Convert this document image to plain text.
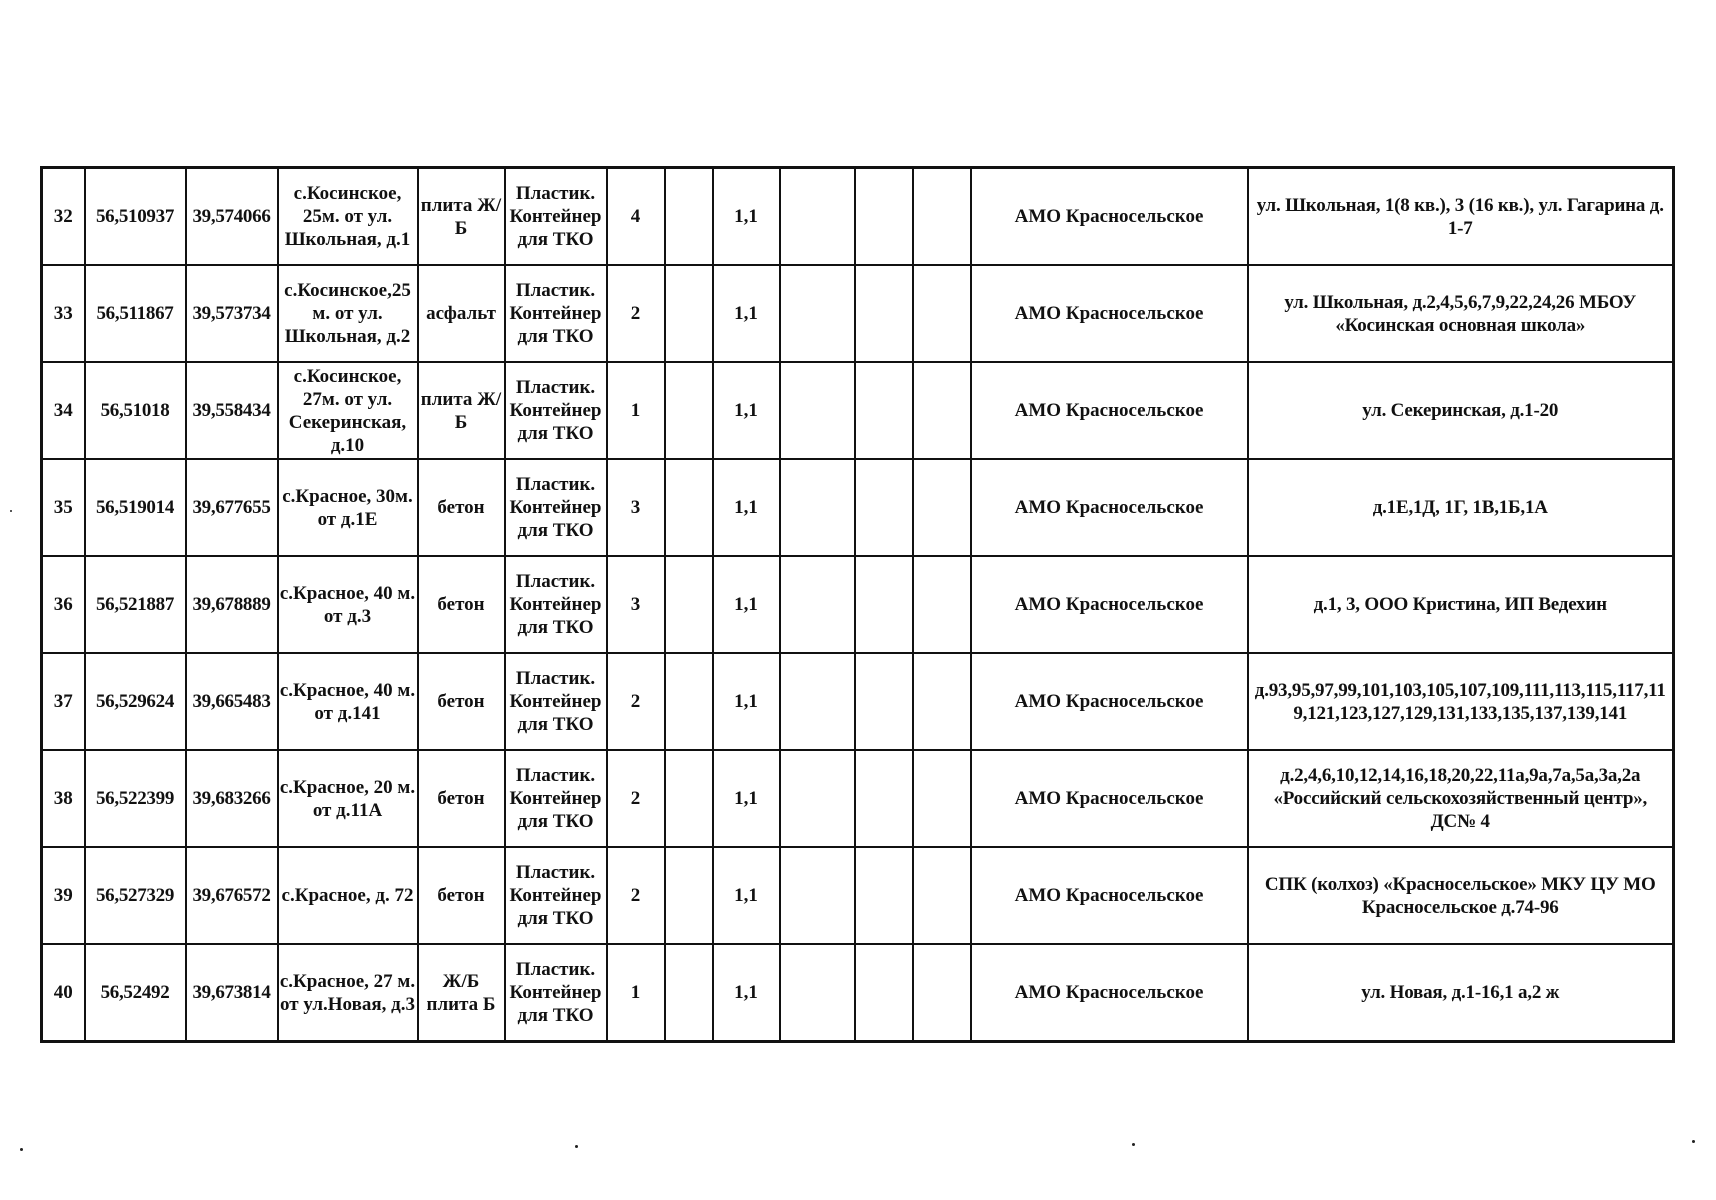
32	56,510937	39,574066	с.Косинское, 25м. от ул. Школьная, д.1	плита Ж/Б	Пластик. Контейнер для ТКО	4		1,1				АМО Красносельское	ул. Школьная, 1(8 кв.), 3 (16 кв.), ул. Гагарина д. 1-7
33	56,511867	39,573734	с.Косинское,25 м. от ул. Школьная, д.2	асфальт	Пластик. Контейнер для ТКО	2		1,1				АМО Красносельское	ул. Школьная, д.2,4,5,6,7,9,22,24,26 МБОУ «Косинская основная школа»
34	56,51018	39,558434	с.Косинское, 27м. от ул. Секеринская, д.10	плита Ж/Б	Пластик. Контейнер для ТКО	1		1,1				АМО Красносельское	ул. Секеринская, д.1-20
35	56,519014	39,677655	с.Красное, 30м. от д.1Е	бетон	Пластик. Контейнер для ТКО	3		1,1				АМО Красносельское	д.1Е,1Д, 1Г, 1В,1Б,1А
36	56,521887	39,678889	с.Красное, 40 м. от д.3	бетон	Пластик. Контейнер для ТКО	3		1,1				АМО Красносельское	д.1, 3, ООО Кристина, ИП Ведехин
37	56,529624	39,665483	с.Красное, 40 м. от д.141	бетон	Пластик. Контейнер для ТКО	2		1,1				АМО Красносельское	д.93,95,97,99,101,103,105,107,109,111,113,115,117,119,121,123,127,129,131,133,135,137,139,141
38	56,522399	39,683266	с.Красное, 20 м. от д.11А	бетон	Пластик. Контейнер для ТКО	2		1,1				АМО Красносельское	д.2,4,6,10,12,14,16,18,20,22,11а,9а,7а,5а,3а,2а «Российский сельскохозяйственный центр», ДС№ 4
39	56,527329	39,676572	с.Красное, д. 72	бетон	Пластик. Контейнер для ТКО	2		1,1				АМО Красносельское	СПК (колхоз) «Красносельское» МКУ ЦУ МО Красносельское д.74-96
40	56,52492	39,673814	с.Красное, 27 м. от ул.Новая, д.3	Ж/Б плита Б	Пластик. Контейнер для ТКО	1		1,1				АМО Красносельское	ул. Новая, д.1-16,1 а,2 ж
